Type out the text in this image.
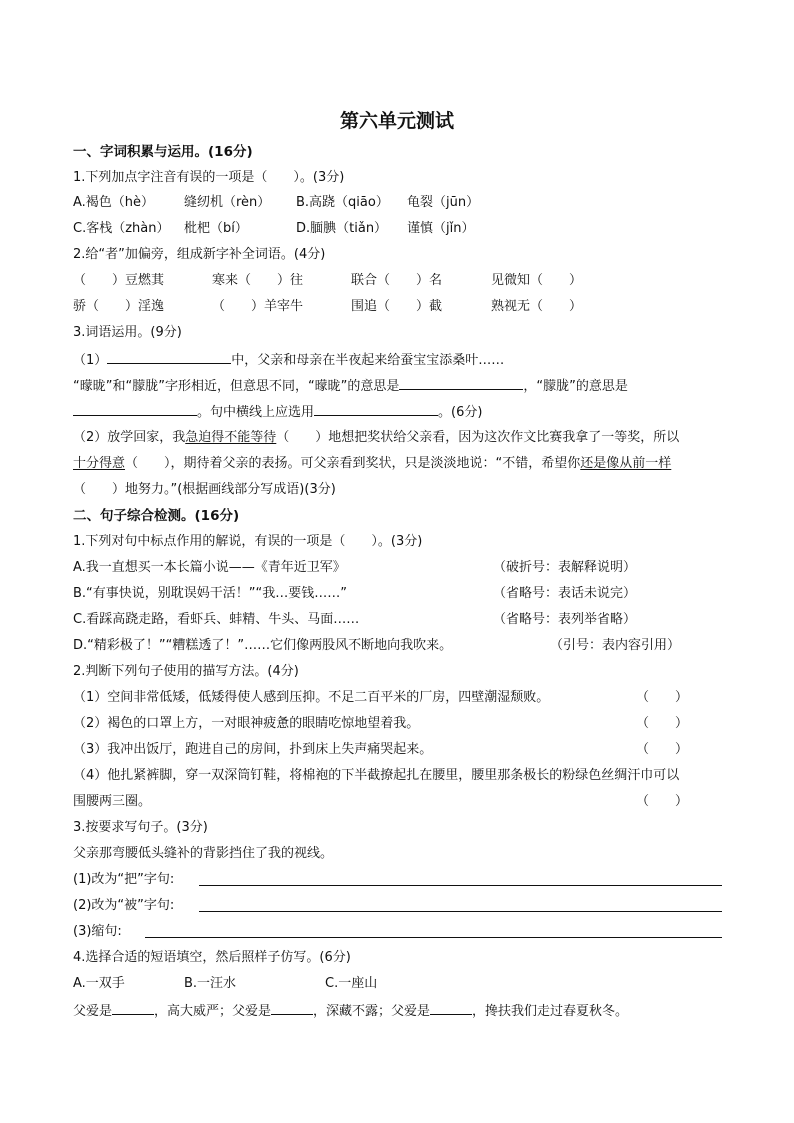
第六单元测试
一、字词积累与运用。(16分)
1.下列加点字注音有误的一项是（　　）。(3分)
A.褐色（hè） 缝纫机（rèn） B.高跷（qiāo） 龟裂（jūn）
C.客栈（zhàn） 枇杷（bí）	D.腼腆（tiǎn） 谨慎（jǐn）
2.给“者”加偏旁，组成新字补全词语。(4分)
（　　）豆燃萁	寒来（　　）往	联合（　　）名	见微知（　　）
骄（　　）淫逸	（　　）羊宰牛	围追（　　）截	熟视无（　　）
3.词语运用。(9分)
（1）	中，父亲和母亲在半夜起来给蚕宝宝添桑叶……
“曚昽”和“朦胧”字形相近，但意思不同，“曚昽”的意思是	，“朦胧”的意思是
。句中横线上应选用	。(6分)
（2）放学回家，我急迫得不能等待（　　）地想把奖状给父亲看，因为这次作文比赛我拿了一等奖，所以
十分得意（　　），期待着父亲的表扬。可父亲看到奖状，只是淡淡地说：“不错，希望你还是像从前一样
（　　）地努力。”(根据画线部分写成语)(3分)
二、句子综合检测。(16分)
1.下列对句中标点作用的解说，有误的一项是（　　）。(3分)
A.我一直想买一本长篇小说——《青年近卫军》	（破折号：表解释说明）
B.“有事快说，别耽误妈干活！”“我…要钱……”	（省略号：表话未说完）
C.看踩高跷走路，看虾兵、蚌精、牛头、马面……	（省略号：表列举省略）
D.“精彩极了！”“糟糕透了！”……它们像两股风不断地向我吹来。	（引号：表内容引用）
2.判断下列句子使用的描写方法。(4分)
（1）空间非常低矮，低矮得使人感到压抑。不足二百平米的厂房，四壁潮湿颓败。	（　　）
（2）褐色的口罩上方，一对眼神疲惫的眼睛吃惊地望着我。	（　　）
（3）我冲出饭厅，跑进自己的房间，扑到床上失声痛哭起来。	（　　）
（4）他扎紧裤脚，穿一双深筒钉鞋，将棉袍的下半截撩起扎在腰里，腰里那条极长的粉绿色丝绸汗巾可以
围腰两三圈。	（　　）
3.按要求写句子。(3分)
父亲那弯腰低头缝补的背影挡住了我的视线。
(1)改为“把”字句:
(2)改为“被”字句:
(3)缩句:
4.选择合适的短语填空，然后照样子仿写。(6分)
A.一双手	B.一汪水	C.一座山
父爱是	，高大威严；父爱是	，深藏不露；父爱是	，搀扶我们走过春夏秋冬。
